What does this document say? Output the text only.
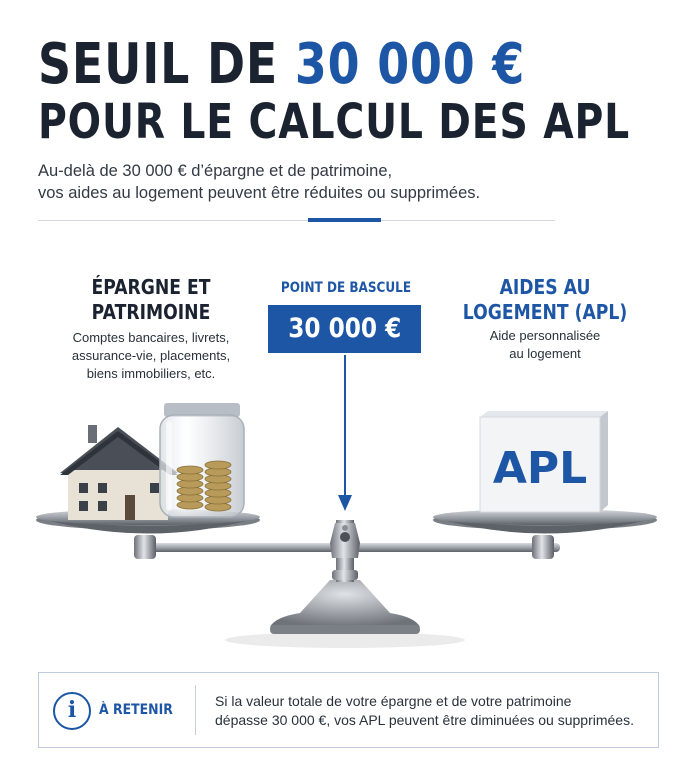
SEUIL DE 30 000 €
POUR LE CALCUL DES APL
Au-delà de 30 000 € d’épargne et de patrimoine,
vos aides au logement peuvent être réduites ou supprimées.
ÉPARGNE ET
PATRIMOINE
Comptes bancaires, livrets,
assurance-vie, placements,
biens immobiliers, etc.
POINT DE BASCULE
30 000 €
AIDES AU
LOGEMENT (APL)
Aide personnalisée
au logement
APL
i	À RETENIR
Si la valeur totale de votre épargne et de votre patrimoine
dépasse 30 000 €, vos APL peuvent être diminuées ou supprimées.
